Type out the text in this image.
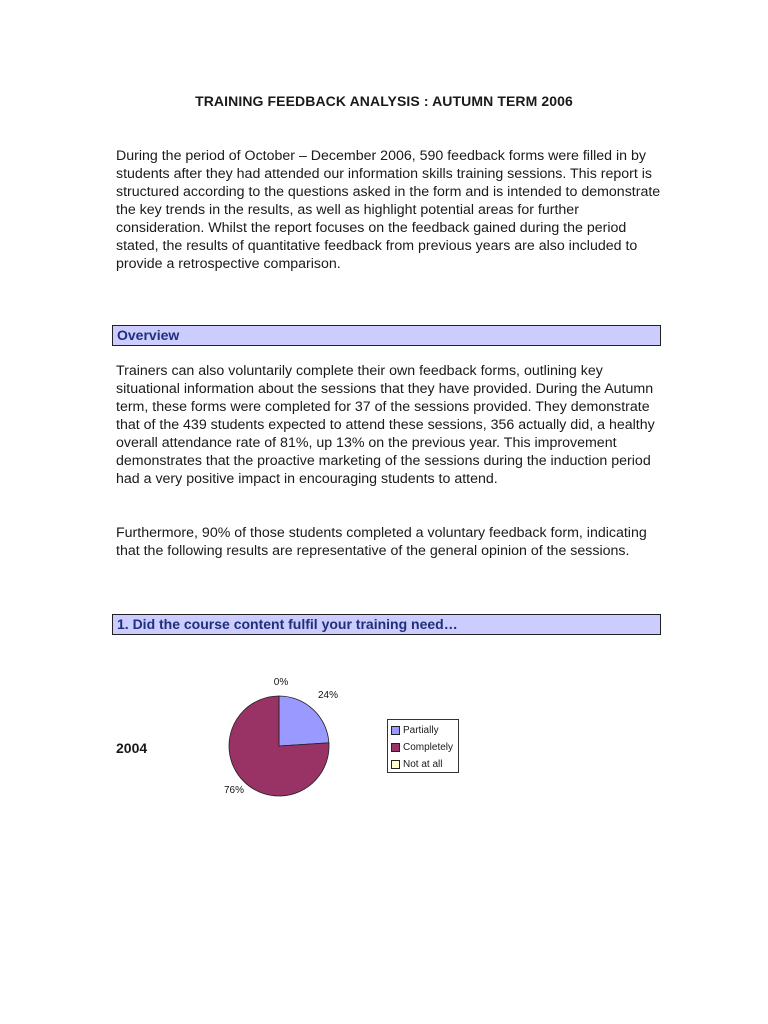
TRAINING FEEDBACK ANALYSIS : AUTUMN TERM 2006

During the period of October – December 2006, 590 feedback forms were filled in by students after they had attended our information skills training sessions. This report is structured according to the questions asked in the form and is intended to demonstrate the key trends in the results, as well as highlight potential areas for further consideration. Whilst the report focuses on the feedback gained during the period stated, the results of quantitative feedback from previous years are also included to provide a retrospective comparison.

Overview

Trainers can also voluntarily complete their own feedback forms, outlining key situational information about the sessions that they have provided. During the Autumn term, these forms were completed for 37 of the sessions provided. They demonstrate that of the 439 students expected to attend these sessions, 356 actually did, a healthy overall attendance rate of 81%, up 13% on the previous year. This improvement demonstrates that the proactive marketing of the sessions during the induction period had a very positive impact in encouraging students to attend.

Furthermore, 90% of those students completed a voluntary feedback form, indicating that the following results are representative of the general opinion of the sessions.

1. Did the course content fulfil your training need…
2004
24%
76%
0%
Partially
Completely
Not at all
